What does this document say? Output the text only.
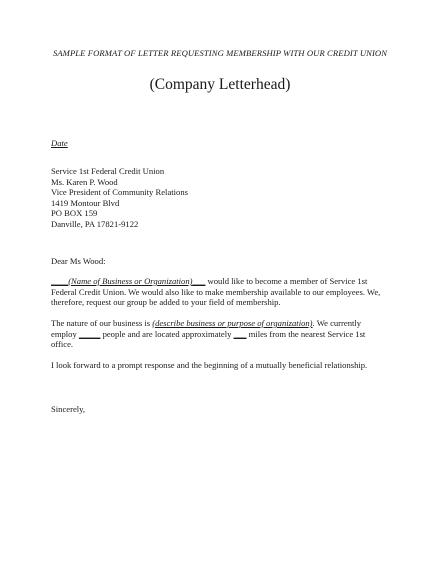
SAMPLE FORMAT OF LETTER REQUESTING MEMBERSHIP WITH OUR CREDIT UNION
(Company Letterhead)
Date
Service 1st Federal Credit Union
Ms. Karen P. Wood
Vice President of Community Relations
1419 Montour Blvd
PO BOX 159
Danville, PA 17821-9122
Dear Ms Wood:
____(Name of Business or Organization)___ would like to become a member of Service 1st
Federal Credit Union. We would also like to make membership available to our employees. We,
therefore, request our group be added to your field of membership.
The nature of our business is (describe business or purpose of organization). We currently
employ _____ people and are located approximately ___ miles from the nearest Service 1st
office.
I look forward to a prompt response and the beginning of a mutually beneficial relationship.
Sincerely,
